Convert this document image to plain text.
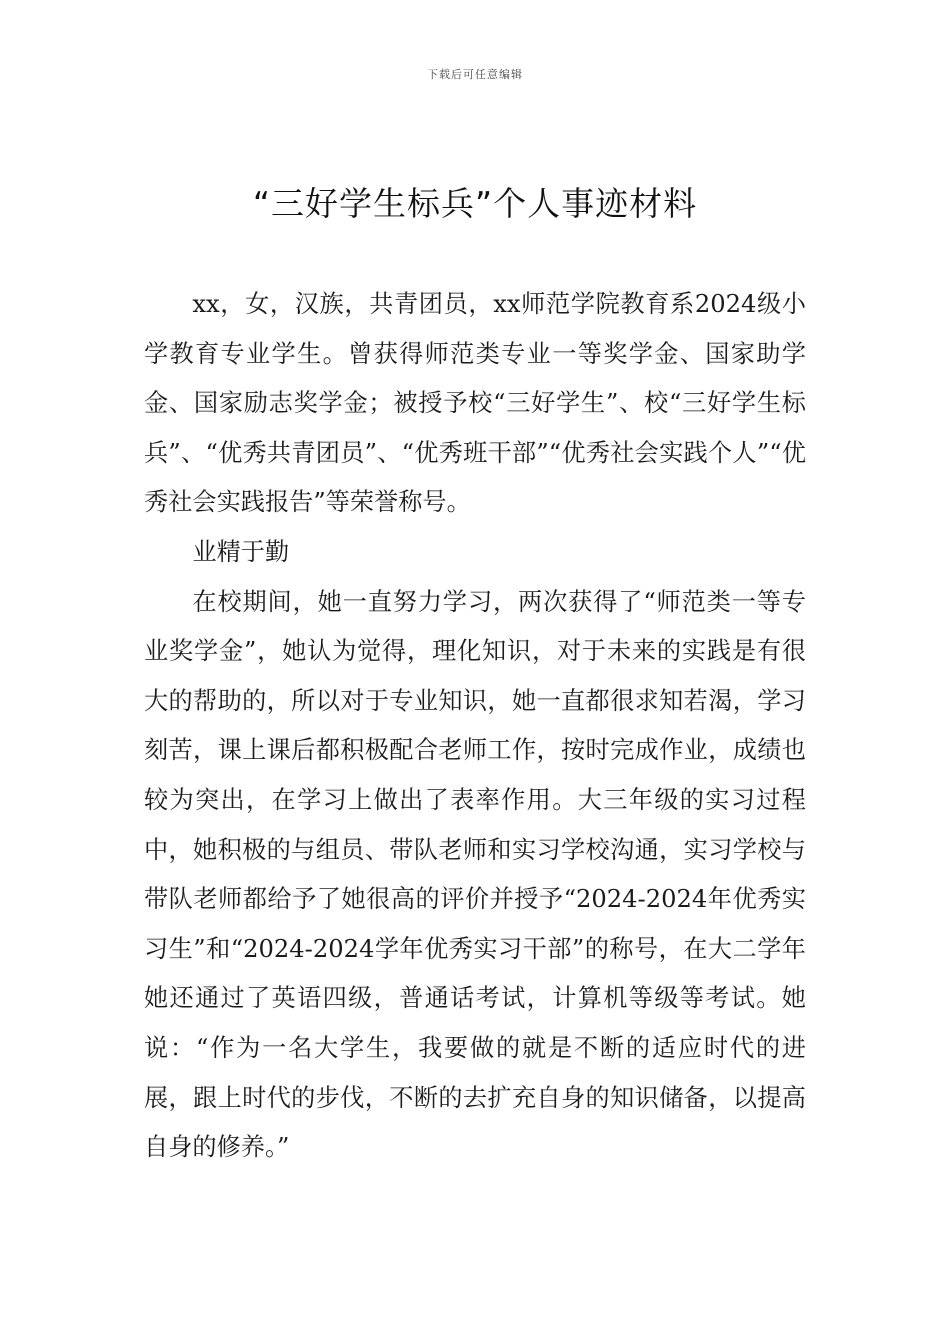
下载后可任意编辑
“三好学生标兵”个人事迹材料

xx，女，汉族，共青团员，xx师范学院教育系2024级小学教育专业学生。曾获得师范类专业一等奖学金、国家助学金、国家励志奖学金；被授予校“三好学生”、校“三好学生标兵”、“优秀共青团员”、“优秀班干部”“优秀社会实践个人”“优秀社会实践报告”等荣誉称号。

业精于勤

在校期间，她一直努力学习，两次获得了“师范类一等专业奖学金”，她认为觉得，理化知识，对于未来的实践是有很大的帮助的，所以对于专业知识，她一直都很求知若渴，学习刻苦，课上课后都积极配合老师工作，按时完成作业，成绩也较为突出，在学习上做出了表率作用。大三年级的实习过程中，她积极的与组员、带队老师和实习学校沟通，实习学校与带队老师都给予了她很高的评价并授予“2024-2024年优秀实习生”和“2024-2024学年优秀实习干部”的称号，在大二学年她还通过了英语四级，普通话考试，计算机等级等考试。她说：“作为一名大学生，我要做的就是不断的适应时代的进展，跟上时代的步伐，不断的去扩充自身的知识储备，以提高自身的修养。”
